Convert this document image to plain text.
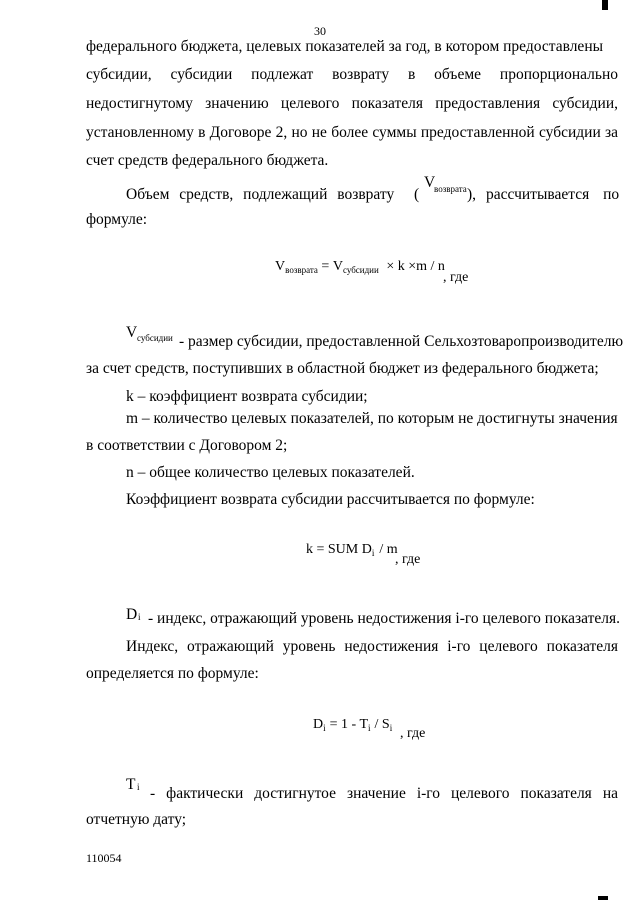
30
федерального бюджета, целевых показателей за год, в котором предоставлены
субсидии, субсидии подлежат возврату в объеме пропорционально
недостигнутому значению целевого показателя предоставления субсидии,
установленному в Договоре 2, но не более суммы предоставленной субсидии за
счет средств федерального бюджета.
Объем средств, подлежащий возврату (
V
возврата ), рассчитывается по
формуле:
$V_{возврата} = V_{субсидии} \times k \times m / n$
, где
V субсидии - размер субсидии, предоставленной Сельхозтоваропроизводителю
за счет средств, поступивших в областной бюджет из федерального бюджета;
k – коэффициент возврата субсидии;
m – количество целевых показателей, по которым не достигнуты значения
в соответствии с Договором 2;
n – общее количество целевых показателей.
Коэффициент возврата субсидии рассчитывается по формуле:
k = SUM $D_i$ / m
, где
D i - индекс, отражающий уровень недостижения i-го целевого показателя.
Индекс, отражающий уровень недостижения i-го целевого показателя
определяется по формуле:
$D_i = 1 - T_i / S_i$ , где
T i - фактически достигнутое значение i-го целевого показателя на
отчетную дату;
110054
